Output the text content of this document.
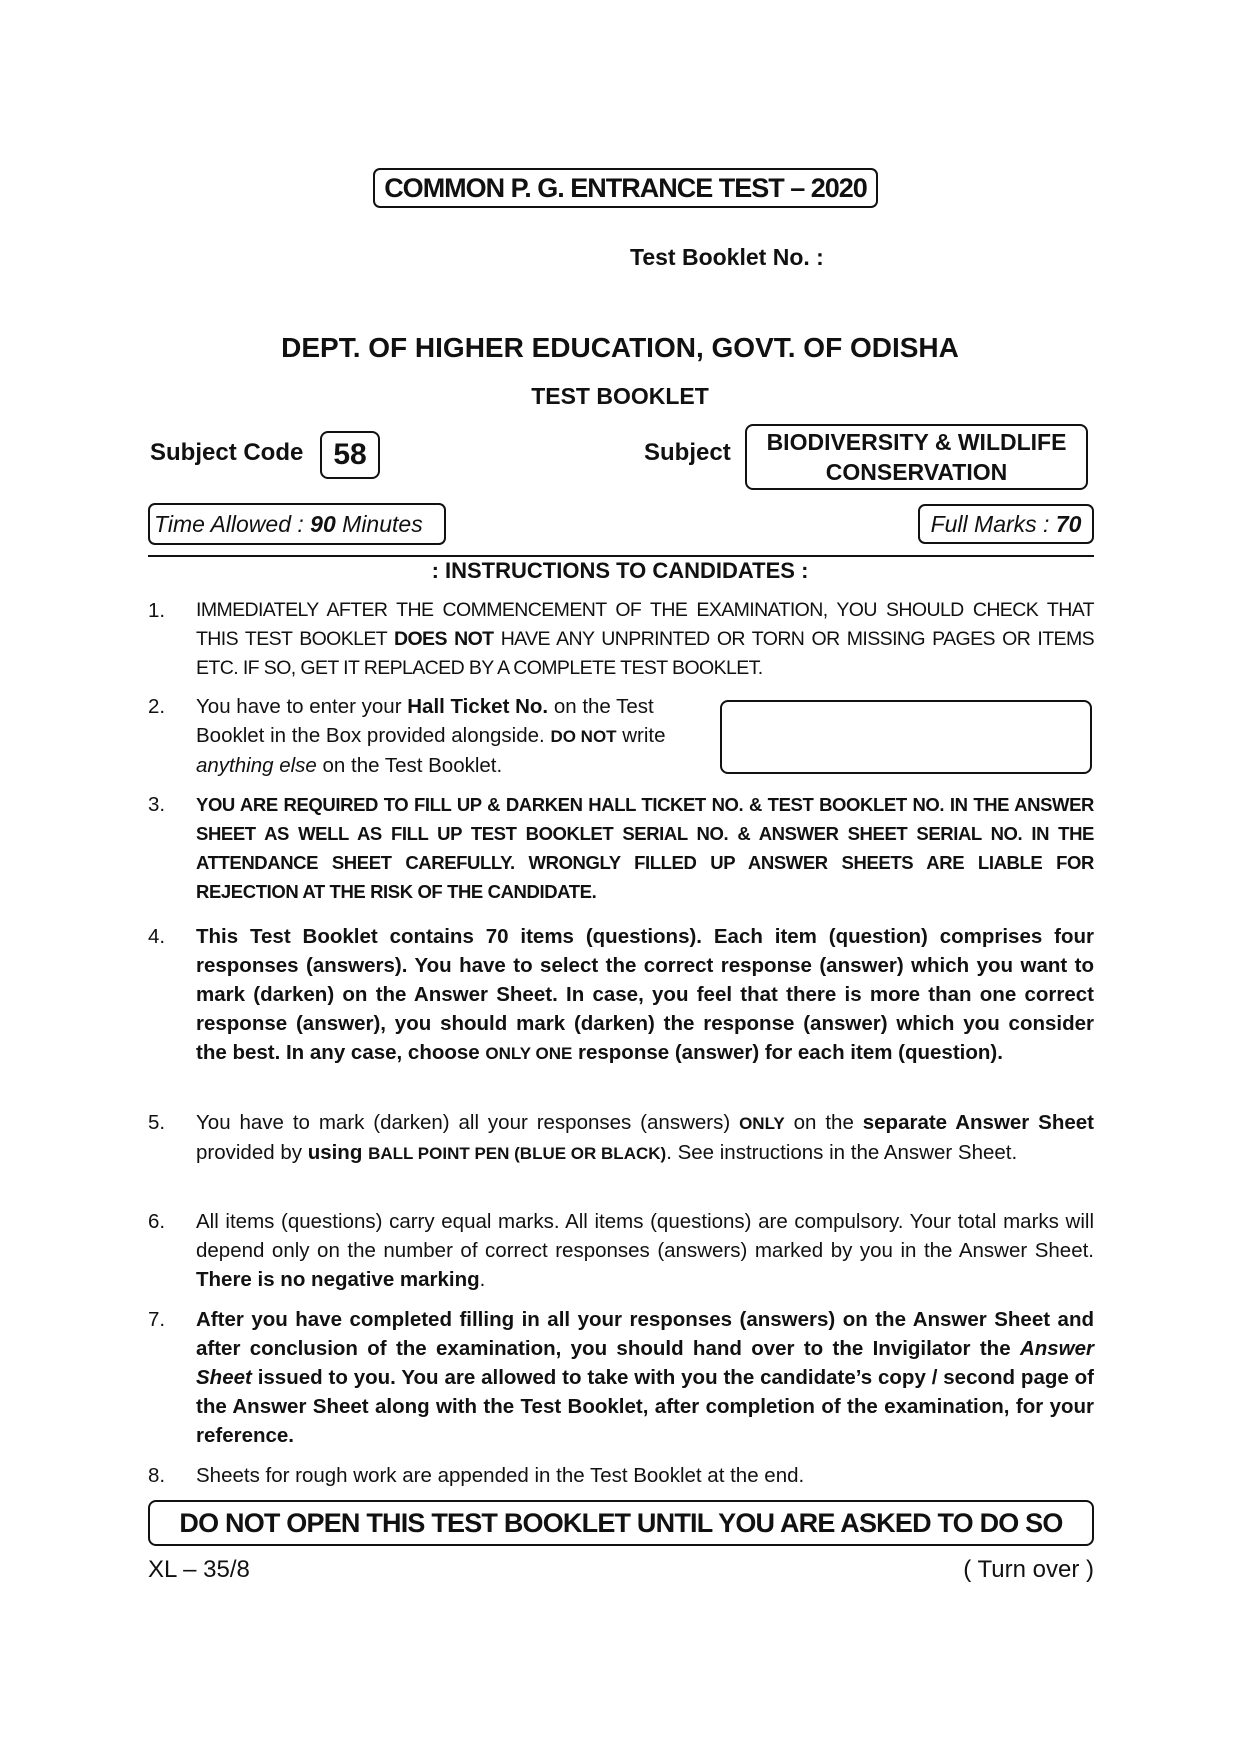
COMMON P. G. ENTRANCE TEST – 2020
Test Booklet No. :
DEPT. OF HIGHER EDUCATION, GOVT. OF ODISHA
TEST BOOKLET
Subject Code 58	Subject	BIODIVERSITY & WILDLIFE
CONSERVATION
Time Allowed : 90 Minutes	Full Marks : 70
: INSTRUCTIONS TO CANDIDATES :
1.	IMMEDIATELY AFTER THE COMMENCEMENT OF THE EXAMINATION, YOU SHOULD CHECK THAT THIS TEST BOOKLET DOES NOT HAVE ANY UNPRINTED OR TORN OR MISSING PAGES OR ITEMS ETC. IF SO, GET IT REPLACED BY A COMPLETE TEST BOOKLET.
2.	You have to enter your Hall Ticket No. on the Test Booklet in the Box provided alongside. DO NOT write anything else on the Test Booklet.
3.	YOU ARE REQUIRED TO FILL UP & DARKEN HALL TICKET NO. & TEST BOOKLET NO. IN THE ANSWER SHEET AS WELL AS FILL UP TEST BOOKLET SERIAL NO. & ANSWER SHEET SERIAL NO. IN THE ATTENDANCE SHEET CAREFULLY. WRONGLY FILLED UP ANSWER SHEETS ARE LIABLE FOR REJECTION AT THE RISK OF THE CANDIDATE.
4.	This Test Booklet contains 70 items (questions). Each item (question) comprises four responses (answers). You have to select the correct response (answer) which you want to mark (darken) on the Answer Sheet. In case, you feel that there is more than one correct response (answer), you should mark (darken) the response (answer) which you consider the best. In any case, choose ONLY ONE response (answer) for each item (question).
5.	You have to mark (darken) all your responses (answers) ONLY on the separate Answer Sheet provided by using BALL POINT PEN (BLUE OR BLACK). See instructions in the Answer Sheet.
6.	All items (questions) carry equal marks. All items (questions) are compulsory. Your total marks will depend only on the number of correct responses (answers) marked by you in the Answer Sheet. There is no negative marking.
7.	After you have completed filling in all your responses (answers) on the Answer Sheet and after conclusion of the examination, you should hand over to the Invigilator the Answer Sheet issued to you. You are allowed to take with you the candidate’s copy / second page of the Answer Sheet along with the Test Booklet, after completion of the examination, for your reference.
8.	Sheets for rough work are appended in the Test Booklet at the end.
DO NOT OPEN THIS TEST BOOKLET UNTIL YOU ARE ASKED TO DO SO
XL – 35/8	( Turn over )
